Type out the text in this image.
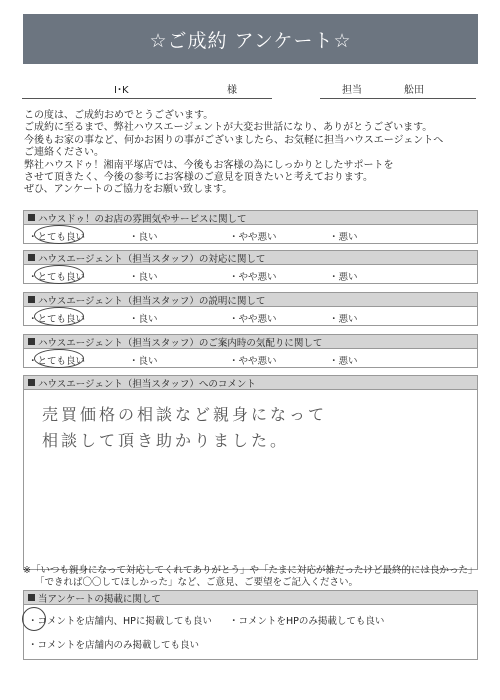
☆ご成約 アンケート☆
I･K	様	担当	舩田
この度は、ご成約おめでとうございます。
ご成約に至るまで、弊社ハウスエージェントが大変お世話になり、ありがとうございます。
今後もお家の事など、何かお困りの事がございましたら、お気軽に担当ハウスエージェントへ
ご連絡ください。
弊社ハウスドゥ！湘南平塚店では、今後もお客様の為にしっかりとしたサポートを
させて頂きたく、今後の参考にお客様のご意見を頂きたいと考えております。
ぜひ、アンケートのご協力をお願い致します。
ハウスドゥ！のお店の雰囲気やサービスに関して
・とても良い	・良い	・やや悪い	・悪い
ハウスエージェント（担当スタッフ）の対応に関して
・とても良い	・良い	・やや悪い	・悪い
ハウスエージェント（担当スタッフ）の説明に関して
・とても良い	・良い	・やや悪い	・悪い
ハウスエージェント（担当スタッフ）のご案内時の気配りに関して
・とても良い	・良い	・やや悪い	・悪い
ハウスエージェント（担当スタッフ）へのコメント
売買価格の相談など親身になって
相談して頂き助かりました。
※「いつも親身になって対応してくれてありがとう」や「たまに対応が雑だったけど最終的には良かった」
「できれば〇〇してほしかった」など、ご意見、ご要望をご記入ください。
当アンケートの掲載に関して
・コメントを店舗内、HPに掲載しても良い ・コメントをHPのみ掲載しても良い
・コメントを店舗内のみ掲載しても良い
